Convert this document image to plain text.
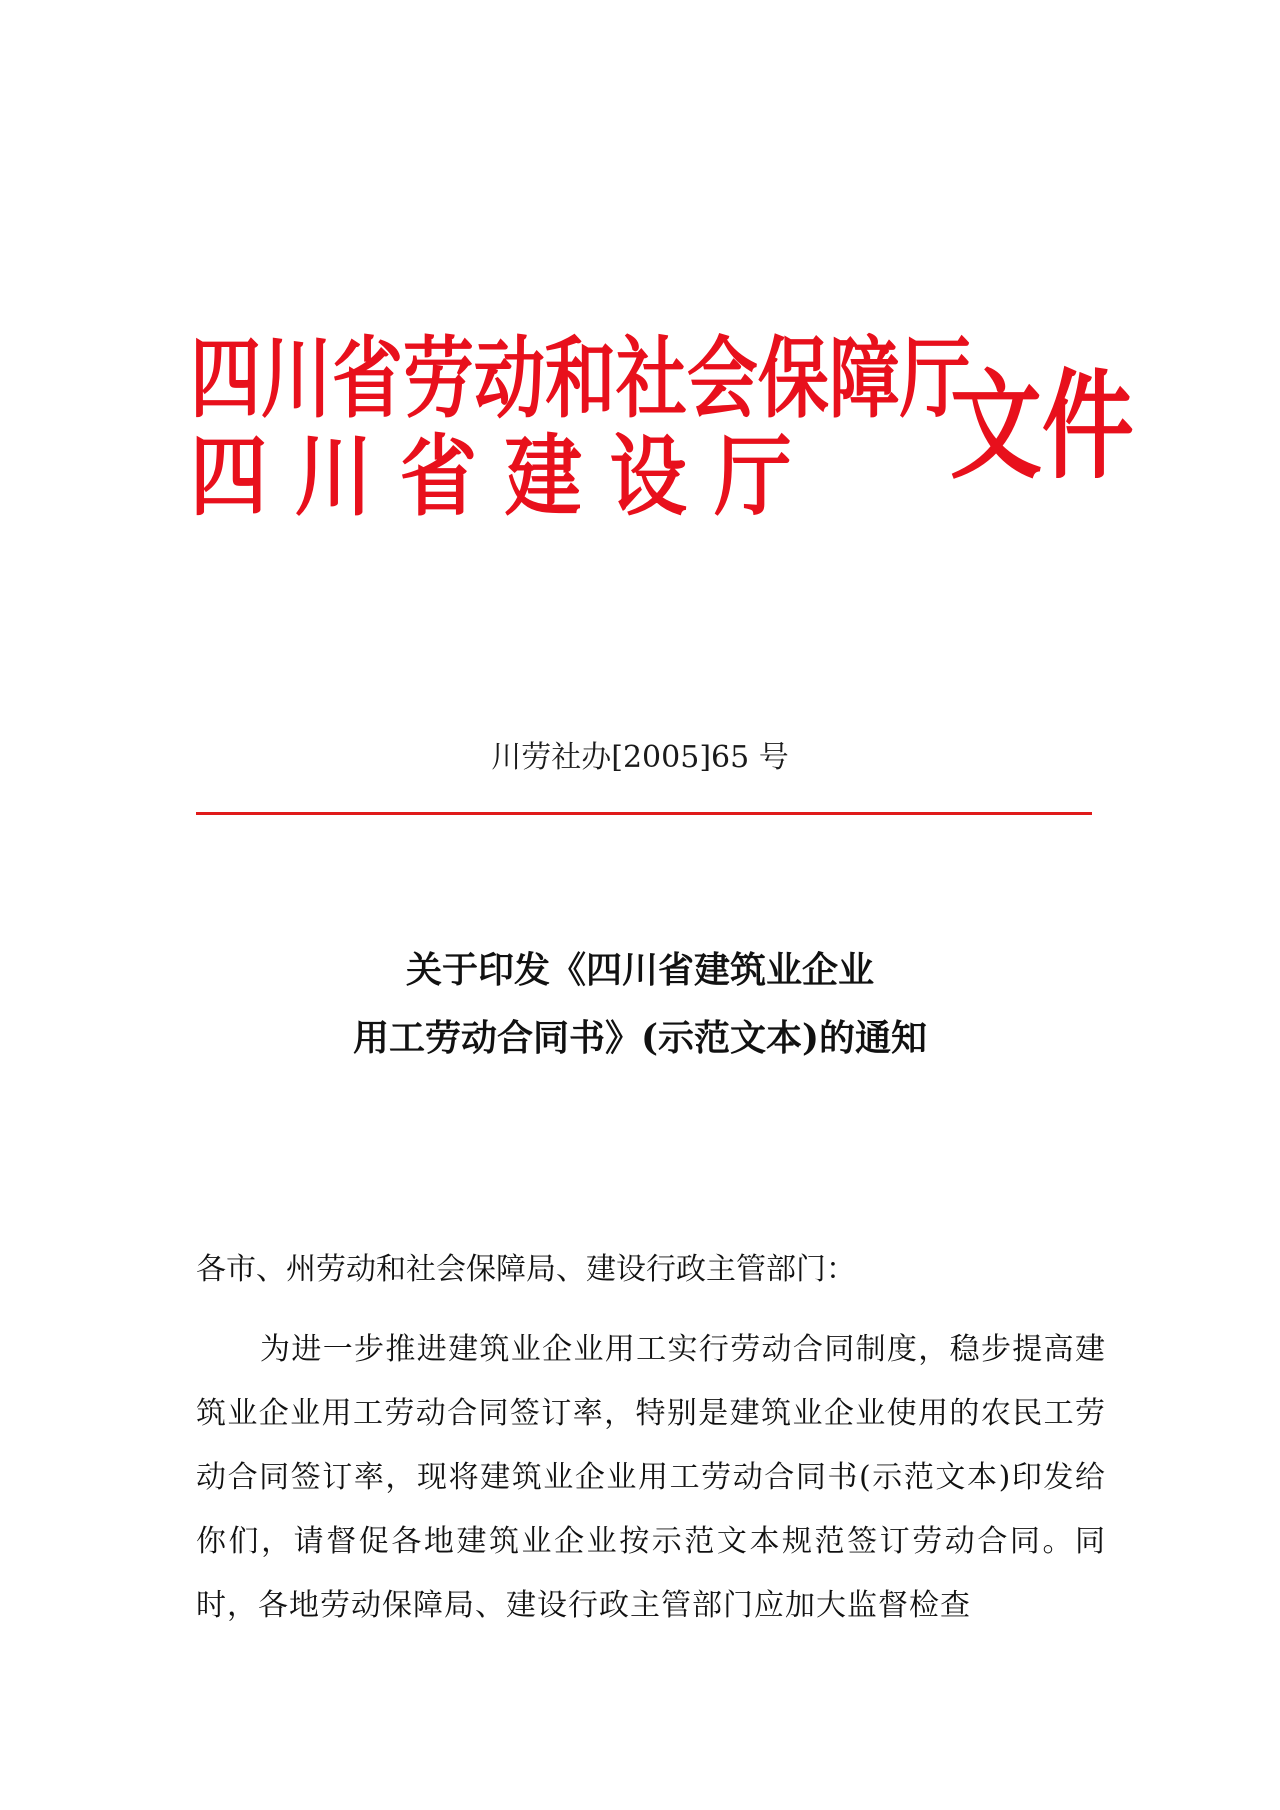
四川省劳动和社会保障厅
四川省建设厅 文件
川劳社办[2005]65 号
关于印发《四川省建筑业企业
用工劳动合同书》(示范文本)的通知
各市、州劳动和社会保障局、建设行政主管部门：
为进一步推进建筑业企业用工实行劳动合同制度，稳步提高建筑业企业用工劳动合同签订率，特别是建筑业企业使用的农民工劳动合同签订率，现将建筑业企业用工劳动合同书(示范文本)印发给你们，请督促各地建筑业企业按示范文本规范签订劳动合同。同时，各地劳动保障局、建设行政主管部门应加大监督检查
